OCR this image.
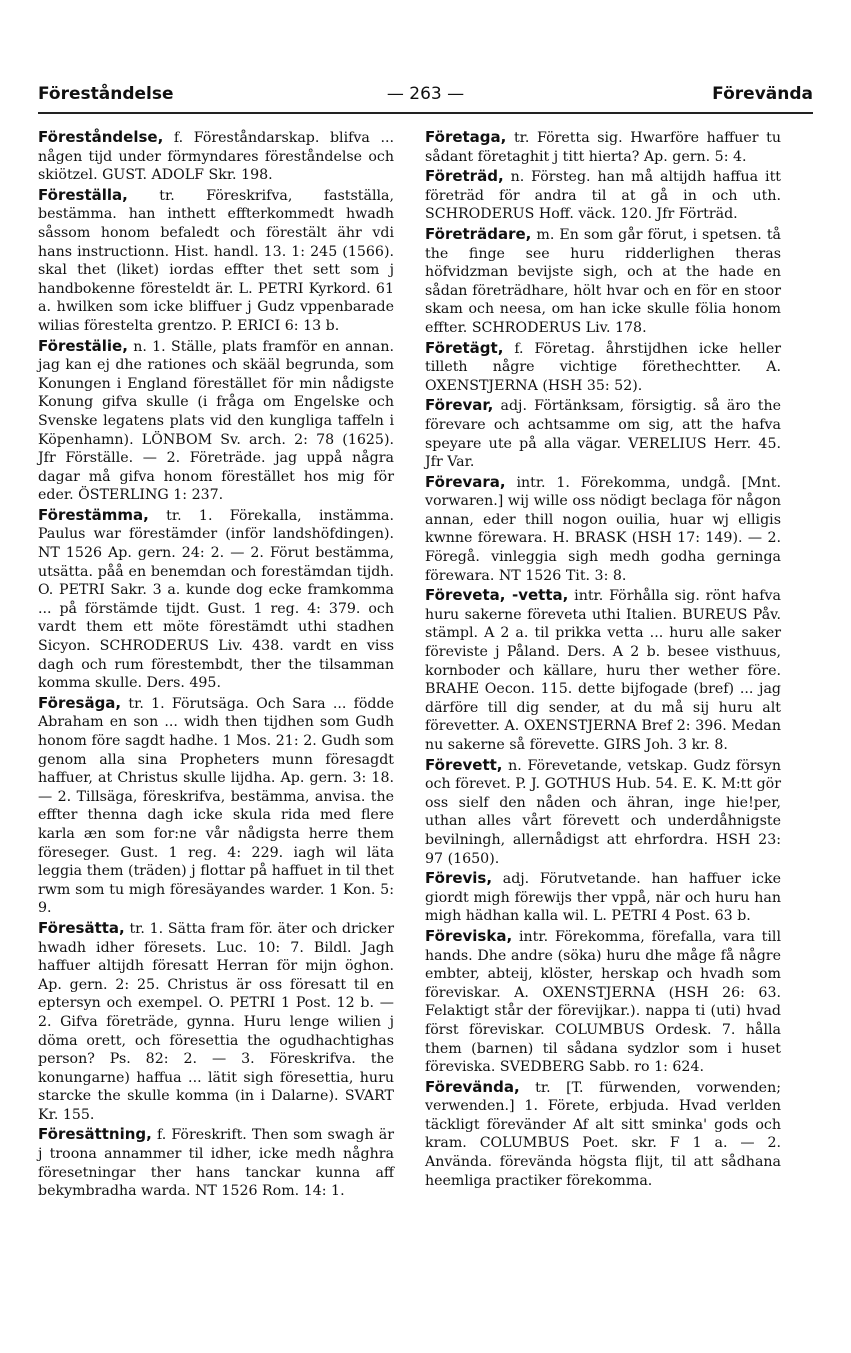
Föreståndelse	— 263 —	Förevända

Föreståndelse, f. Föreståndarskap. blifva ... någen tijd under förmyndares föreståndelse och skiötzel. GUST. ADOLF Skr. 198.

Föreställa, tr. Föreskrifva, fastställa, bestämma. han inthett effterkommedt hwadh såssom honom befaledt och förestält ähr vdi hans instructionn. Hist. handl. 13. 1: 245 (1566). skal thet (liket) iordas effter thet sett som j handbokenne föresteldt är. L. PETRI Kyrkord. 61 a. hwilken som icke bliffuer j Gudz vppenbarade wilias förestelta grentzo. P. ERICI 6: 13 b.

Förestälie, n. 1. Ställe, plats framför en annan. jag kan ej dhe rationes och skääl begrunda, som Konungen i England förestället för min nådigste Konung gifva skulle (i fråga om Engelske och Svenske legatens plats vid den kungliga taffeln i Köpenhamn). LÖNBOM Sv. arch. 2: 78 (1625). Jfr Förställe. — 2. Företräde. jag uppå några dagar må gifva honom förestället hos mig för eder. ÖSTERLING 1: 237.

Förestämma, tr. 1. Förekalla, instämma. Paulus war förestämder (inför landshöfdingen). NT 1526 Ap. gern. 24: 2. — 2. Förut bestämma, utsätta. påå en benemdan och forestämdan tijdh. O. PETRI Sakr. 3 a. kunde dog ecke framkomma ... på förstämde tijdt. Gust. 1 reg. 4: 379. och vardt them ett möte förestämdt uthi stadhen Sicyon. SCHRODERUS Liv. 438. vardt en viss dagh och rum förestembdt, ther the tilsamman komma skulle. Ders. 495.

Föresäga, tr. 1. Förutsäga. Och Sara ... födde Abraham en son ... widh then tijdhen som Gudh honom före sagdt hadhe. 1 Mos. 21: 2. Gudh som genom alla sina Propheters munn föresagdt haffuer, at Christus skulle lijdha. Ap. gern. 3: 18. — 2. Tillsäga, föreskrifva, bestämma, anvisa. the effter thenna dagh icke skula rida med flere karla æn som for:ne vår nådigsta herre them föreseger. Gust. 1 reg. 4: 229. iagh wil läta leggia them (träden) j flottar på haffuet in til thet rwm som tu migh föresäyandes warder. 1 Kon. 5: 9.

Föresätta, tr. 1. Sätta fram för. äter och dricker hwadh idher föresets. Luc. 10: 7. Bildl. Jagh haffuer altijdh föresatt Herran för mijn öghon. Ap. gern. 2: 25. Christus är oss föresatt til en eptersyn och exempel. O. PETRI 1 Post. 12 b. — 2. Gifva företräde, gynna. Huru lenge wilien j döma orett, och föresettia the ogudhachtighas person? Ps. 82: 2. — 3. Föreskrifva. the konungarne) haffua ... lätit sigh föresettia, huru starcke the skulle komma (in i Dalarne). SVART Kr. 155.

Föresättning, f. Föreskrift. Then som swagh är j troona annammer til idher, icke medh någhra föresetningar ther hans tanckar kunna aff bekymbradha warda. NT 1526 Rom. 14: 1.

Företaga, tr. Företta sig. Hwarföre haffuer tu sådant företaghit j titt hierta? Ap. gern. 5: 4.

Företräd, n. Försteg. han må altijdh haffua itt företräd för andra til at gå in och uth. SCHRODERUS Hoff. väck. 120. Jfr Förträd.

Företrädare, m. En som går förut, i spetsen. tå the finge see huru ridderlighen theras höfvidzman bevijste sigh, och at the hade en sådan företrädhare, hölt hvar och en för en stoor skam och neesa, om han icke skulle fölia honom effter. SCHRODERUS Liv. 178.

Företägt, f. Företag. åhrstijdhen icke heller tilleth någre vichtige förethechtter. A. OXENSTJERNA (HSH 35: 52).

Förevar, adj. Förtänksam, försigtig. så äro the förevare och achtsamme om sig, att the hafva speyare ute på alla vägar. VERELIUS Herr. 45. Jfr Var.

Förevara, intr. 1. Förekomma, undgå. [Mnt. vorwaren.] wij wille oss nödigt beclaga för någon annan, eder thill nogon ouilia, huar wj elligis kwnne förewara. H. BRASK (HSH 17: 149). — 2. Föregå. vinleggia sigh medh godha gerninga förewara. NT 1526 Tit. 3: 8.

Föreveta, -vetta, intr. Förhålla sig. rönt hafva huru sakerne föreveta uthi Italien. BUREUS Påv. stämpl. A 2 a. til prikka vetta ... huru alle saker föreviste j Påland. Ders. A 2 b. besee visthuus, kornboder och källare, huru ther wether före. BRAHE Oecon. 115. dette bijfogade (bref) ... jag därföre till dig sender, at du må sij huru alt förevetter. A. OXENSTJERNA Bref 2: 396. Medan nu sakerne så förevette. GIRS Joh. 3 kr. 8.

Förevett, n. Förevetande, vetskap. Gudz försyn och förevet. P. J. GOTHUS Hub. 54. E. K. M:tt gör oss sielf den nåden och ähran, inge hie!per, uthan alles vårt förevett och underdåhnigste bevilningh, allernådigst att ehrfordra. HSH 23: 97 (1650).

Förevis, adj. Förutvetande. han haffuer icke giordt migh förewijs ther vppå, när och huru han migh hädhan kalla wil. L. PETRI 4 Post. 63 b.

Föreviska, intr. Förekomma, förefalla, vara till hands. Dhe andre (söka) huru dhe måge få någre embter, abteij, klöster, herskap och hvadh som föreviskar. A. OXENSTJERNA (HSH 26: 63. Felaktigt står der förevijkar.). nappa ti (uti) hvad först föreviskar. COLUMBUS Ordesk. 7. hålla them (barnen) til sådana sydzlor som i huset föreviska. SVEDBERG Sabb. ro 1: 624.

Förevända, tr. [T. fürwenden, vorwenden; verwenden.] 1. Förete, erbjuda. Hvad verlden täckligt förevänder Af alt sitt sminka' gods och kram. COLUMBUS Poet. skr. F 1 a. — 2. Använda. förevända högsta flijt, til att sådhana heemliga practiker förekomma.
